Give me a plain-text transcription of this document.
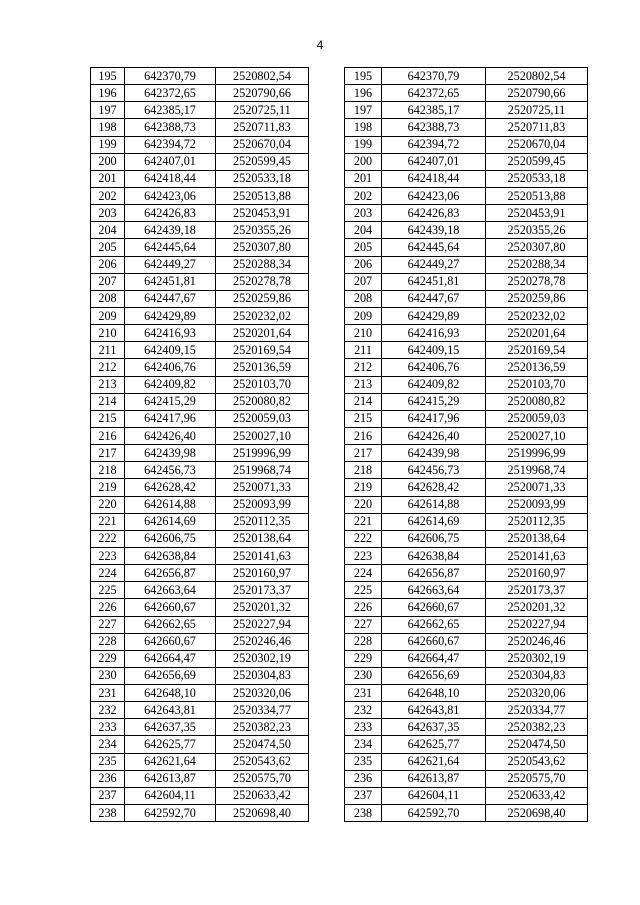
4
195	642370,79	2520802,54
196	642372,65	2520790,66
197	642385,17	2520725,11
198	642388,73	2520711,83
199	642394,72	2520670,04
200	642407,01	2520599,45
201	642418,44	2520533,18
202	642423,06	2520513,88
203	642426,83	2520453,91
204	642439,18	2520355,26
205	642445,64	2520307,80
206	642449,27	2520288,34
207	642451,81	2520278,78
208	642447,67	2520259,86
209	642429,89	2520232,02
210	642416,93	2520201,64
211	642409,15	2520169,54
212	642406,76	2520136,59
213	642409,82	2520103,70
214	642415,29	2520080,82
215	642417,96	2520059,03
216	642426,40	2520027,10
217	642439,98	2519996,99
218	642456,73	2519968,74
219	642628,42	2520071,33
220	642614,88	2520093,99
221	642614,69	2520112,35
222	642606,75	2520138,64
223	642638,84	2520141,63
224	642656,87	2520160,97
225	642663,64	2520173,37
226	642660,67	2520201,32
227	642662,65	2520227,94
228	642660,67	2520246,46
229	642664,47	2520302,19
230	642656,69	2520304,83
231	642648,10	2520320,06
232	642643,81	2520334,77
233	642637,35	2520382,23
234	642625,77	2520474,50
235	642621,64	2520543,62
236	642613,87	2520575,70
237	642604,11	2520633,42
238	642592,70	2520698,40
195	642370,79	2520802,54
196	642372,65	2520790,66
197	642385,17	2520725,11
198	642388,73	2520711,83
199	642394,72	2520670,04
200	642407,01	2520599,45
201	642418,44	2520533,18
202	642423,06	2520513,88
203	642426,83	2520453,91
204	642439,18	2520355,26
205	642445,64	2520307,80
206	642449,27	2520288,34
207	642451,81	2520278,78
208	642447,67	2520259,86
209	642429,89	2520232,02
210	642416,93	2520201,64
211	642409,15	2520169,54
212	642406,76	2520136,59
213	642409,82	2520103,70
214	642415,29	2520080,82
215	642417,96	2520059,03
216	642426,40	2520027,10
217	642439,98	2519996,99
218	642456,73	2519968,74
219	642628,42	2520071,33
220	642614,88	2520093,99
221	642614,69	2520112,35
222	642606,75	2520138,64
223	642638,84	2520141,63
224	642656,87	2520160,97
225	642663,64	2520173,37
226	642660,67	2520201,32
227	642662,65	2520227,94
228	642660,67	2520246,46
229	642664,47	2520302,19
230	642656,69	2520304,83
231	642648,10	2520320,06
232	642643,81	2520334,77
233	642637,35	2520382,23
234	642625,77	2520474,50
235	642621,64	2520543,62
236	642613,87	2520575,70
237	642604,11	2520633,42
238	642592,70	2520698,40
